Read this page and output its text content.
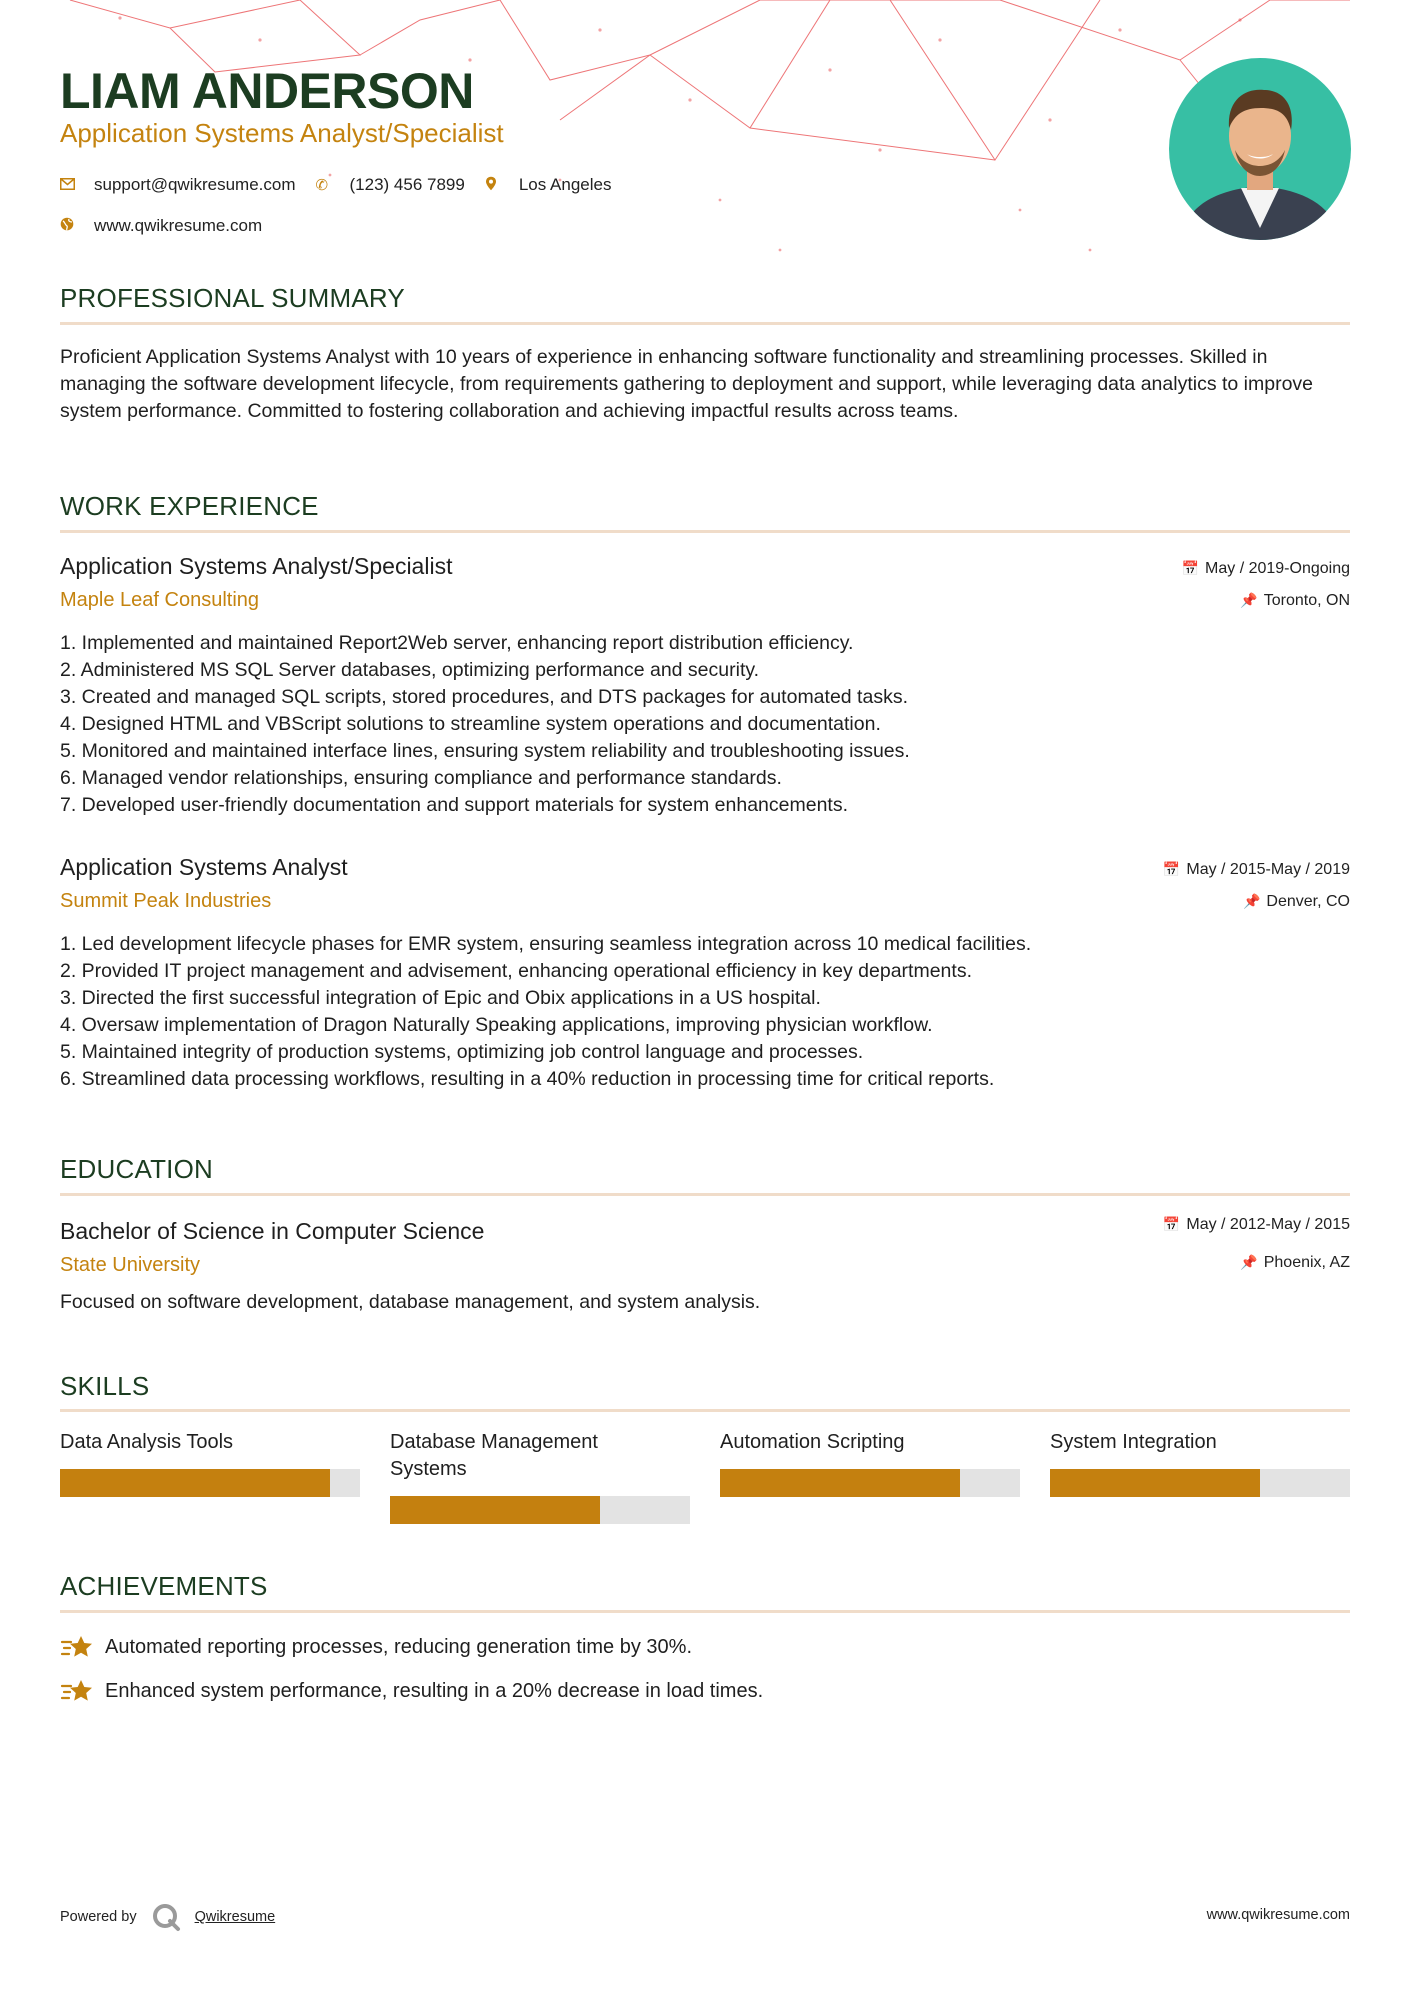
LIAM ANDERSON
Application Systems Analyst/Specialist
support@qwikresume.com ✆	(123) 456 7899	Los Angeles
www.qwikresume.com
PROFESSIONAL SUMMARY
Proficient Application Systems Analyst with 10 years of experience in enhancing software functionality and streamlining processes. Skilled in managing the software development lifecycle, from requirements gathering to deployment and support, while leveraging data analytics to improve system performance. Committed to fostering collaboration and achieving impactful results across teams.
WORK EXPERIENCE
Application Systems Analyst/Specialist
Maple Leaf Consulting
📅 May / 2019-Ongoing
📌 Toronto, ON
1. Implemented and maintained Report2Web server, enhancing report distribution efficiency.
2. Administered MS SQL Server databases, optimizing performance and security.
3. Created and managed SQL scripts, stored procedures, and DTS packages for automated tasks.
4. Designed HTML and VBScript solutions to streamline system operations and documentation.
5. Monitored and maintained interface lines, ensuring system reliability and troubleshooting issues.
6. Managed vendor relationships, ensuring compliance and performance standards.
7. Developed user-friendly documentation and support materials for system enhancements.
Application Systems Analyst
Summit Peak Industries
📅 May / 2015-May / 2019
📌 Denver, CO
1. Led development lifecycle phases for EMR system, ensuring seamless integration across 10 medical facilities.
2. Provided IT project management and advisement, enhancing operational efficiency in key departments.
3. Directed the first successful integration of Epic and Obix applications in a US hospital.
4. Oversaw implementation of Dragon Naturally Speaking applications, improving physician workflow.
5. Maintained integrity of production systems, optimizing job control language and processes.
6. Streamlined data processing workflows, resulting in a 40% reduction in processing time for critical reports.
EDUCATION
Bachelor of Science in Computer Science
State University
📅 May / 2012-May / 2015
📌 Phoenix, AZ
Focused on software development, database management, and system analysis.
SKILLS
Data Analysis Tools	Database Management Systems
Automation Scripting	System Integration
ACHIEVEMENTS
Automated reporting processes, reducing generation time by 30%.
Enhanced system performance, resulting in a 20% decrease in load times.
Powered by	Qwikresume	www.qwikresume.com
